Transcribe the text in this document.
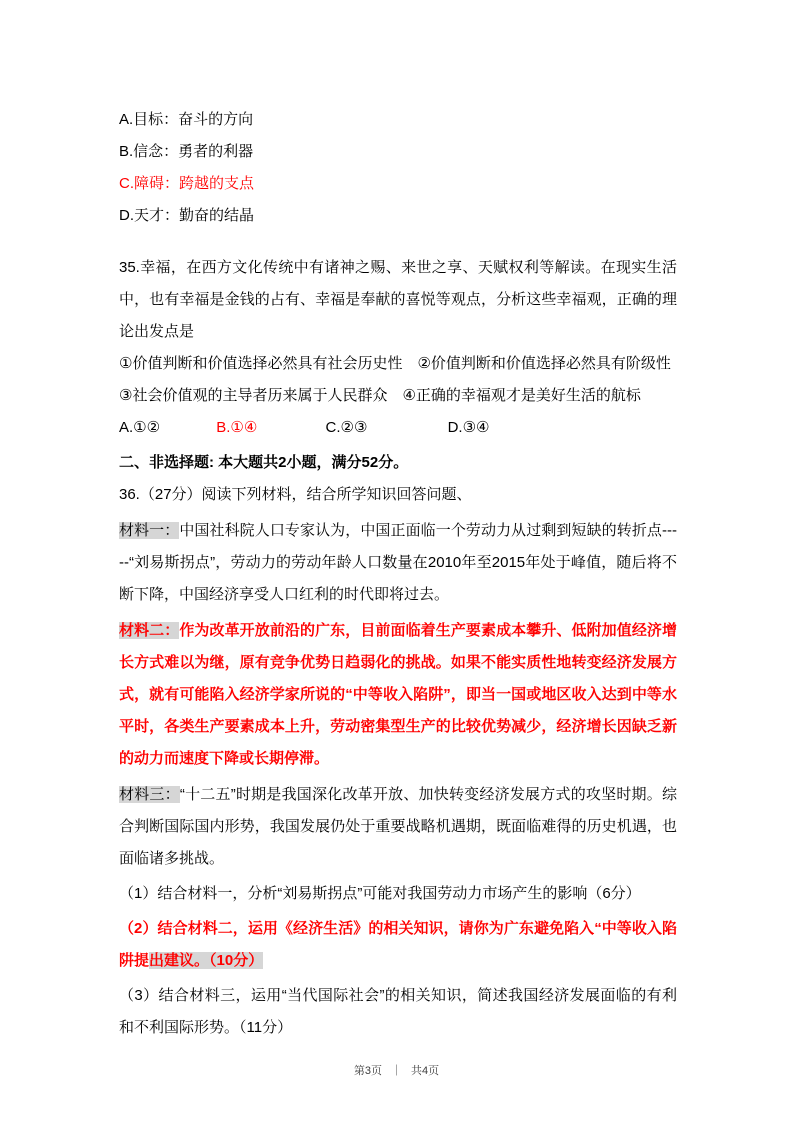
A.目标：奋斗的方向
B.信念：勇者的利器
C.障碍：跨越的支点
D.天才：勤奋的结晶
35.幸福，在西方文化传统中有诸神之赐、来世之享、天赋权利等解读。在现实生活中，也有幸福是金钱的占有、幸福是奉献的喜悦等观点，分析这些幸福观，正确的理论出发点是
①价值判断和价值选择必然具有社会历史性　②价值判断和价值选择必然具有阶级性
③社会价值观的主导者历来属于人民群众　④正确的幸福观才是美好生活的航标
A.①②	B.①④	C.②③	D.③④
二、非选择题: 本大题共2小题，满分52分。
36.（27分）阅读下列材料，结合所学知识回答问题、
材料一：中国社科院人口专家认为，中国正面临一个劳动力从过剩到短缺的转折点-----“刘易斯拐点”，劳动力的劳动年龄人口数量在2010年至2015年处于峰值，随后将不断下降，中国经济享受人口红利的时代即将过去。
材料二：作为改革开放前沿的广东，目前面临着生产要素成本攀升、低附加值经济增长方式难以为继，原有竞争优势日趋弱化的挑战。如果不能实质性地转变经济发展方式，就有可能陷入经济学家所说的“中等收入陷阱”，即当一国或地区收入达到中等水平时，各类生产要素成本上升，劳动密集型生产的比较优势减少，经济增长因缺乏新的动力而速度下降或长期停滞。
材料三：“十二五”时期是我国深化改革开放、加快转变经济发展方式的攻坚时期。综合判断国际国内形势，我国发展仍处于重要战略机遇期，既面临难得的历史机遇，也面临诸多挑战。
（1）结合材料一，分析“刘易斯拐点”可能对我国劳动力市场产生的影响（6分）
（2）结合材料二，运用《经济生活》的相关知识，请你为广东避免陷入“中等收入陷阱提出建议。（10分）
（3）结合材料三，运用“当代国际社会”的相关知识，简述我国经济发展面临的有利和不利国际形势。（11分）
第3页 ｜ 共4页
